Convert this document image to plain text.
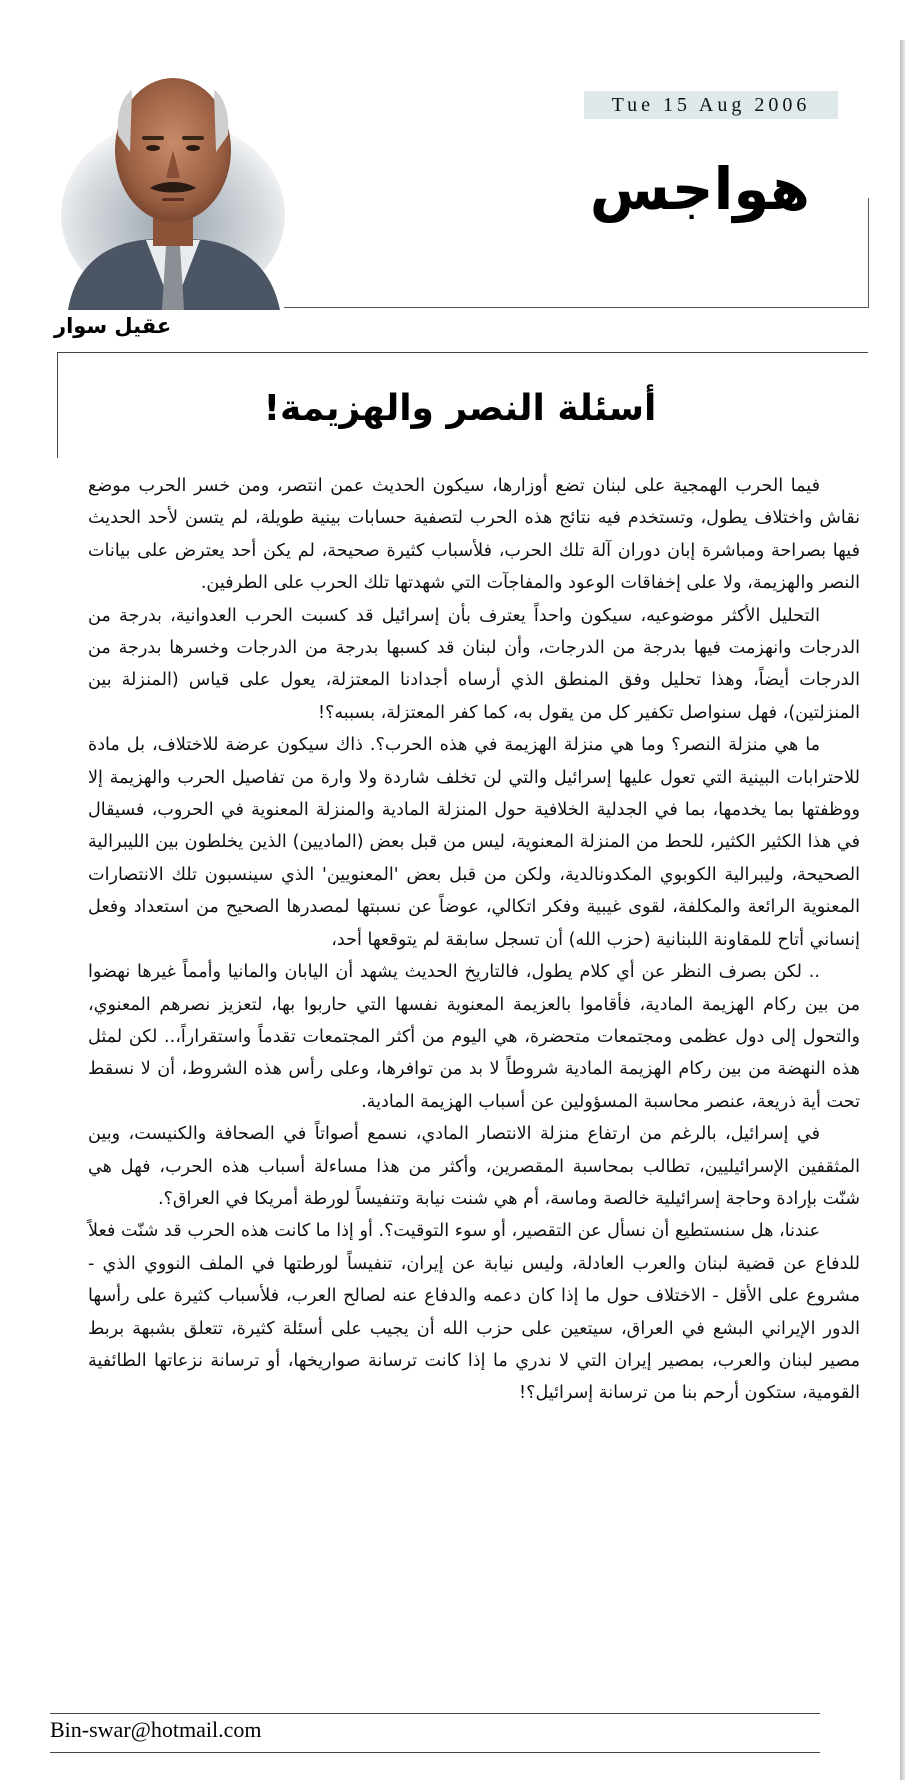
Tue 15 Aug 2006
هواجس
عقيل سوار
أسئلة النصر والهزيمة!

فيما الحرب الهمجية على لبنان تضع أوزارها، سيكون الحديث عمن انتصر، ومن خسر الحرب موضع نقاش واختلاف يطول، وتستخدم فيه نتائج هذه الحرب لتصفية حسابات بينية طويلة، لم يتسن لأحد الحديث فيها بصراحة ومباشرة إبان دوران آلة تلك الحرب، فلأسباب كثيرة صحيحة، لم يكن أحد يعترض على بيانات النصر والهزيمة، ولا على إخفاقات الوعود والمفاجآت التي شهدتها تلك الحرب على الطرفين.

التحليل الأكثر موضوعيه، سيكون واحداً يعترف بأن إسرائيل قد كسبت الحرب العدوانية، بدرجة من الدرجات وانهزمت فيها بدرجة من الدرجات، وأن لبنان قد كسبها بدرجة من الدرجات وخسرها بدرجة من الدرجات أيضاً، وهذا تحليل وفق المنطق الذي أرساه أجدادنا المعتزلة، يعول على قياس (المنزلة بين المنزلتين)، فهل سنواصل تكفير كل من يقول به، كما كفر المعتزلة، بسببه؟!

ما هي منزلة النصر؟ وما هي منزلة الهزيمة في هذه الحرب؟. ذاك سيكون عرضة للاختلاف، بل مادة للاحترابات البينية التي تعول عليها إسرائيل والتي لن تخلف شاردة ولا وارة من تفاصيل الحرب والهزيمة إلا ووظفتها بما يخدمها، بما في الجدلية الخلافية حول المنزلة المادية والمنزلة المعنوية في الحروب، فسيقال في هذا الكثير الكثير، للحط من المنزلة المعنوية، ليس من قبل بعض (الماديين) الذين يخلطون بين الليبرالية الصحيحة، وليبرالية الكوبوي المكدونالدية، ولكن من قبل بعض 'المعنويين' الذي سينسبون تلك الانتصارات المعنوية الرائعة والمكلفة، لقوى غيبية وفكر اتكالي، عوضاً عن نسبتها لمصدرها الصحيح من استعداد وفعل إنساني أتاح للمقاونة اللبنانية (حزب الله) أن تسجل سابقة لم يتوقعها أحد،

.. لكن بصرف النظر عن أي كلام يطول، فالتاريخ الحديث يشهد أن اليابان والمانيا وأمماً غيرها نهضوا من بين ركام الهزيمة المادية، فأقاموا بالعزيمة المعنوية نفسها التي حاربوا بها، لتعزيز نصرهم المعنوي، والتحول إلى دول عظمى ومجتمعات متحضرة، هي اليوم من أكثر المجتمعات تقدماً واستقراراً،.. لكن لمثل هذه النهضة من بين ركام الهزيمة المادية شروطاً لا بد من توافرها، وعلى رأس هذه الشروط، أن لا نسقط تحت أية ذريعة، عنصر محاسبة المسؤولين عن أسباب الهزيمة المادية.

في إسرائيل، بالرغم من ارتفاع منزلة الانتصار المادي، نسمع أصواتاً في الصحافة والكنيست، وبين المثقفين الإسرائيليين، تطالب بمحاسبة المقصرين، وأكثر من هذا مساءلة أسباب هذه الحرب، فهل هي شنّت بإرادة وحاجة إسرائيلية خالصة وماسة، أم هي شنت نيابة وتنفيساً لورطة أمريكا في العراق؟.

عندنا، هل سنستطيع أن نسأل عن التقصير، أو سوء التوقيت؟. أو إذا ما كانت هذه الحرب قد شنّت فعلاً للدفاع عن قضية لبنان والعرب العادلة، وليس نيابة عن إيران، تنفيساً لورطتها في الملف النووي الذي - مشروع على الأقل - الاختلاف حول ما إذا كان دعمه والدفاع عنه لصالح العرب، فلأسباب كثيرة على رأسها الدور الإيراني البشع في العراق، سيتعين على حزب الله أن يجيب على أسئلة كثيرة، تتعلق بشبهة بربط مصير لبنان والعرب، بمصير إيران التي لا ندري ما إذا كانت ترسانة صواريخها، أو ترسانة نزعاتها الطائفية القومية، ستكون أرحم بنا من ترسانة إسرائيل؟!

Bin-swar@hotmail.com
